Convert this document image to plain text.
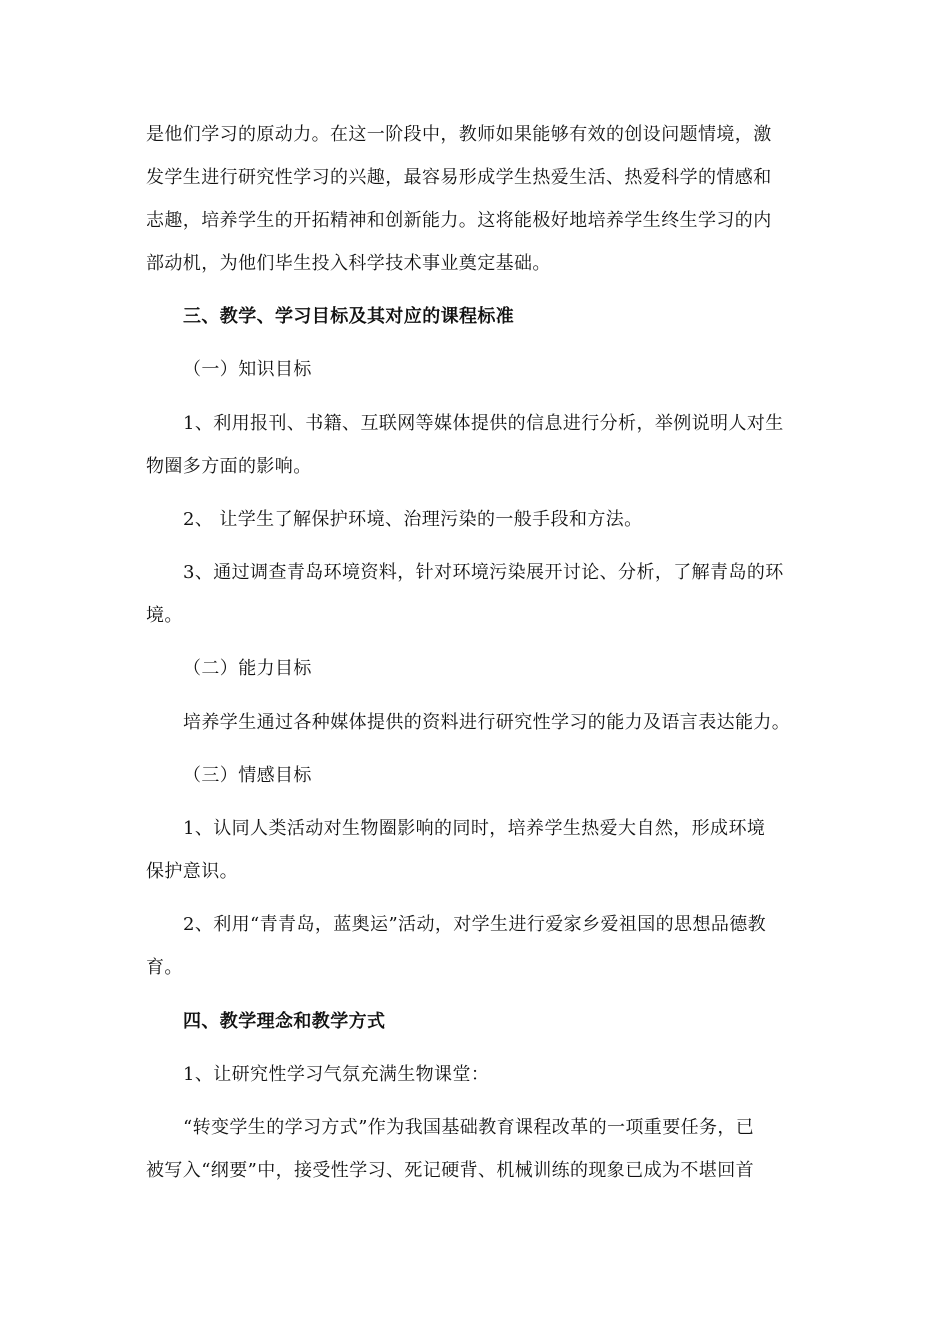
是他们学习的原动力。在这一阶段中，教师如果能够有效的创设问题情境，激
发学生进行研究性学习的兴趣，最容易形成学生热爱生活、热爱科学的情感和
志趣，培养学生的开拓精神和创新能力。这将能极好地培养学生终生学习的内
部动机，为他们毕生投入科学技术事业奠定基础。
三、教学、学习目标及其对应的课程标准
（一）知识目标
1、利用报刊、书籍、互联网等媒体提供的信息进行分析，举例说明人对生
物圈多方面的影响。
2、 让学生了解保护环境、治理污染的一般手段和方法。
3、通过调查青岛环境资料，针对环境污染展开讨论、分析，了解青岛的环
境。
（二）能力目标
培养学生通过各种媒体提供的资料进行研究性学习的能力及语言表达能力。
（三）情感目标
1、认同人类活动对生物圈影响的同时，培养学生热爱大自然，形成环境
保护意识。
2、利用“青青岛，蓝奥运”活动，对学生进行爱家乡爱祖国的思想品德教
育。
四、教学理念和教学方式
1、让研究性学习气氛充满生物课堂：
“转变学生的学习方式”作为我国基础教育课程改革的一项重要任务，已
被写入“纲要”中，接受性学习、死记硬背、机械训练的现象已成为不堪回首
